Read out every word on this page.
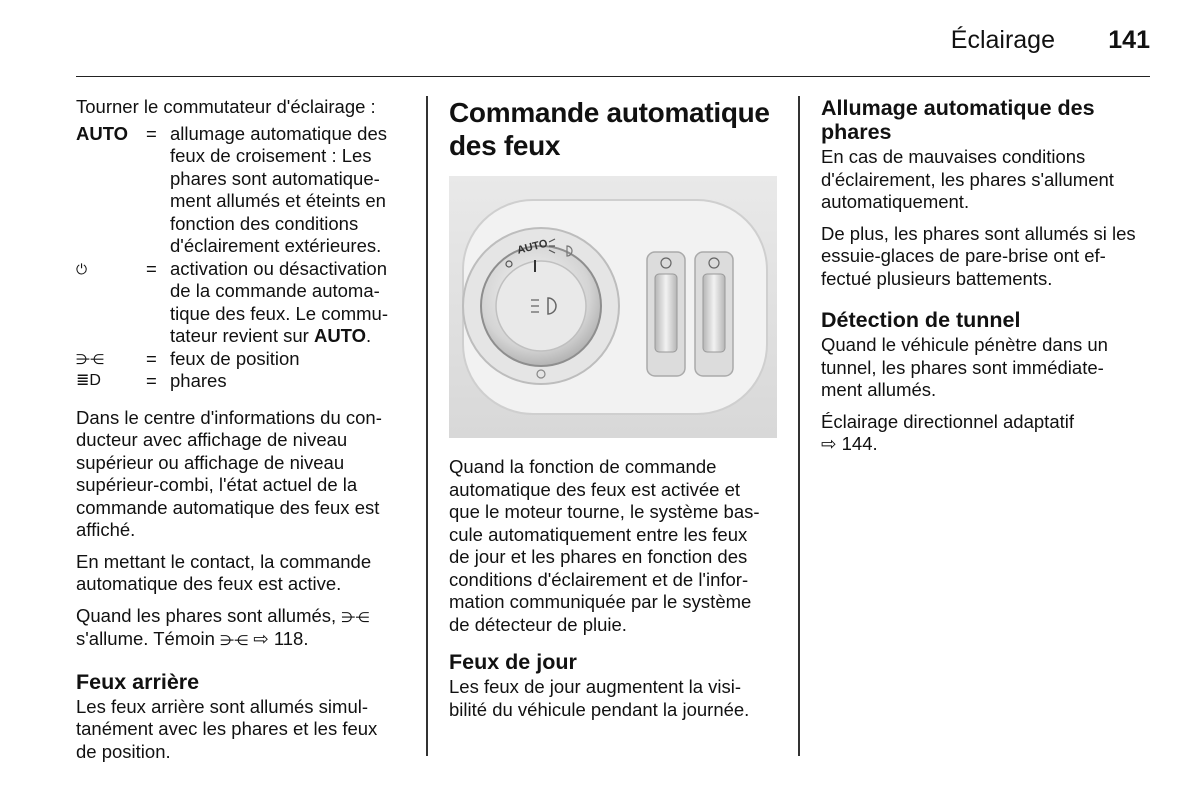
Éclairage 141

Tourner le commutateur d'éclairage :

AUTO = allumage automatique des
feux de croisement : Les
phares sont automatique-
ment allumés et éteints en
fonction des conditions
d'éclairement extérieures.
⏻	= activation ou désactivation
de la commande automa-
tique des feux. Le commu-
tateur revient sur AUTO.
⋺⋲	= feux de position
≣D	= phares

Dans le centre d'informations du con-
ducteur avec affichage de niveau
supérieur ou affichage de niveau
supérieur-combi, l'état actuel de la
commande automatique des feux est
affiché.

En mettant le contact, la commande
automatique des feux est active.

Quand les phares sont allumés, ⋺⋲
s'allume. Témoin ⋺⋲ ⇨ 118.

Feux arrière

Les feux arrière sont allumés simul-
tanément avec les phares et les feux
de position.

Commande automatique
des feux
AUTO

Quand la fonction de commande
automatique des feux est activée et
que le moteur tourne, le système bas-
cule automatiquement entre les feux
de jour et les phares en fonction des
conditions d'éclairement et de l'infor-
mation communiquée par le système
de détecteur de pluie.

Feux de jour

Les feux de jour augmentent la visi-
bilité du véhicule pendant la journée.

Allumage automatique des
phares

En cas de mauvaises conditions
d'éclairement, les phares s'allument
automatiquement.

De plus, les phares sont allumés si les
essuie-glaces de pare-brise ont ef-
fectué plusieurs battements.

Détection de tunnel

Quand le véhicule pénètre dans un
tunnel, les phares sont immédiate-
ment allumés.

Éclairage directionnel adaptatif
⇨ 144.
